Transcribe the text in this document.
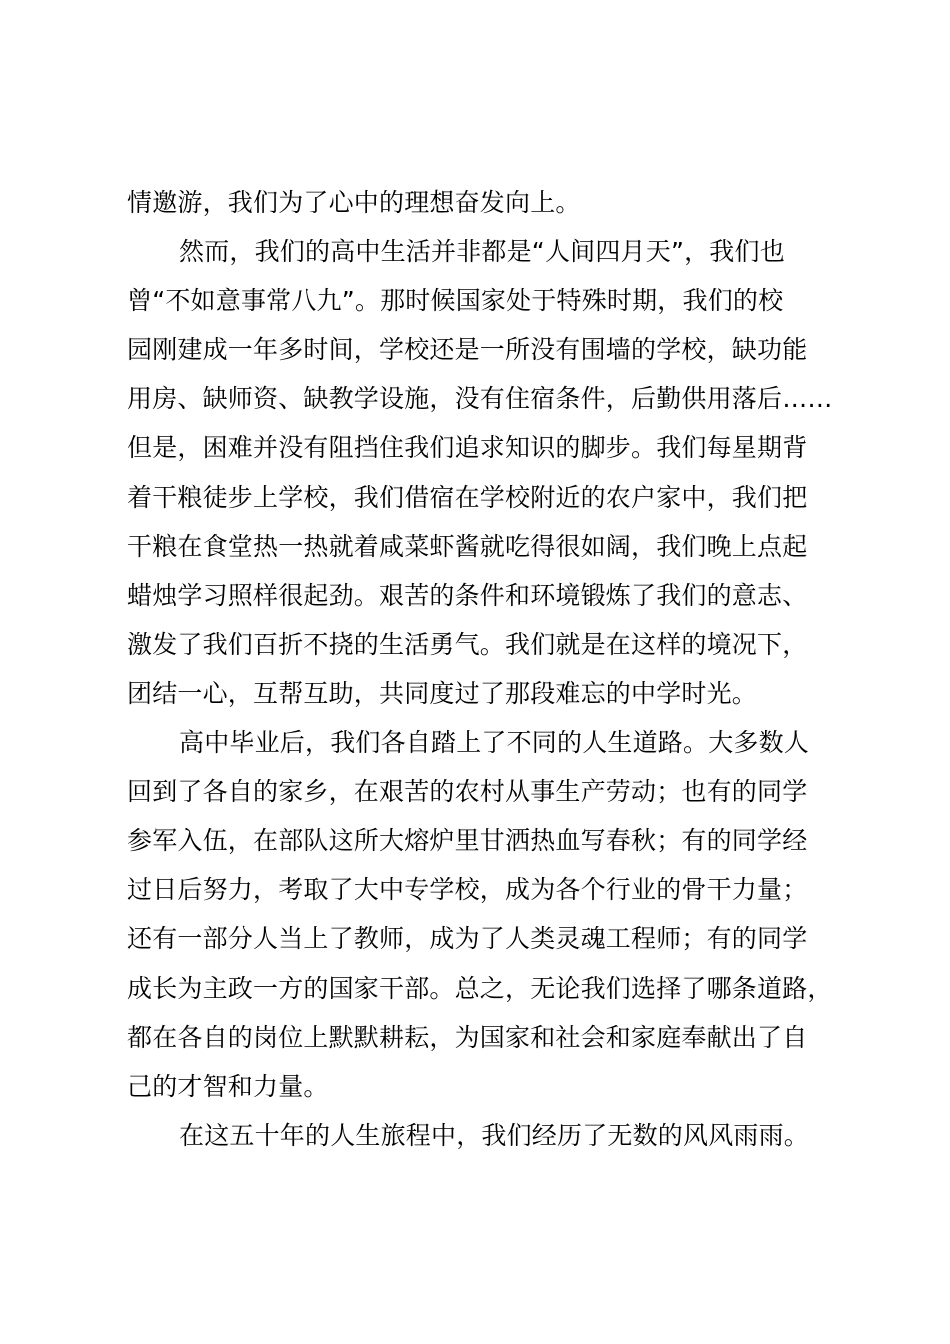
情邀游，我们为了心中的理想奋发向上。
然而，我们的高中生活并非都是“人间四月天”，我们也
曾“不如意事常八九”。那时候国家处于特殊时期，我们的校
园刚建成一年多时间，学校还是一所没有围墙的学校，缺功能
用房、缺师资、缺教学设施，没有住宿条件，后勤供用落后……
但是，困难并没有阻挡住我们追求知识的脚步。我们每星期背
着干粮徒步上学校，我们借宿在学校附近的农户家中，我们把
干粮在食堂热一热就着咸菜虾酱就吃得很如阔，我们晚上点起
蜡烛学习照样很起劲。艰苦的条件和环境锻炼了我们的意志、
激发了我们百折不挠的生活勇气。我们就是在这样的境况下，
团结一心，互帮互助，共同度过了那段难忘的中学时光。
高中毕业后，我们各自踏上了不同的人生道路。大多数人
回到了各自的家乡，在艰苦的农村从事生产劳动；也有的同学
参军入伍，在部队这所大熔炉里甘洒热血写春秋；有的同学经
过日后努力，考取了大中专学校，成为各个行业的骨干力量；
还有一部分人当上了教师，成为了人类灵魂工程师；有的同学
成长为主政一方的国家干部。总之，无论我们选择了哪条道路，
都在各自的岗位上默默耕耘，为国家和社会和家庭奉献出了自
己的才智和力量。
在这五十年的人生旅程中，我们经历了无数的风风雨雨。
